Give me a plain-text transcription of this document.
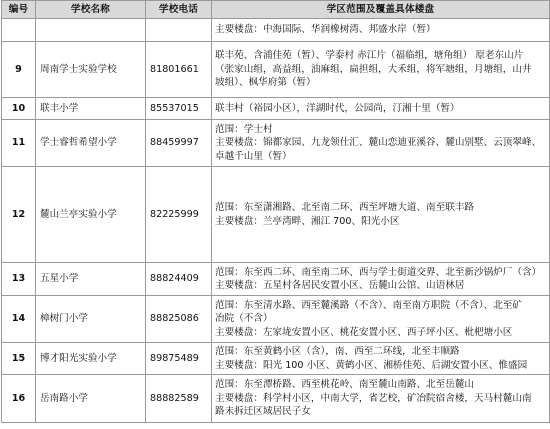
编号	学校名称	学校电话	学区范围及覆盖具体楼盘

			主要楼盘：中海国际、华润橡树湾、邦盛水岸（暂）

9	周南学士实验学校	81801661	联丰苑、含浦佳苑（暂）、学泰村 赤江片（福临组，塘角组） 原老东山片
（张家山组，高益组，油麻组，扁担组，大禾组，将军塘组，月塘组，山井
坡组）、枫华府第（暂）

10	联丰小学	85537015	联丰村（裕园小区），洋湖时代，公园尚，汀湘十里（暂）

11	学士睿哲希望小学	88459997	范围：学士村
主要楼盘：锦都家园、九龙领仕汇、麓山恋迪亚溪谷、麓山别墅、云顶翠峰、
卓越千山里（暂）

12	麓山兰亭实验小学	82225999	范围：东至潇湘路、北至南二环、西至坪塘大道、南至联丰路
主要楼盘：兰亭湾畔、湘江 700、阳光小区

13	五星小学	88824409	范围：东至西二环、南至南二环、西与学士街道交界、北至新沙锅炉厂（含）
主要楼盘：五星村各居民安置小区、岳麓山公馆、山语林居

14	樟树门小学	88825086	范围：东至清水路、西至麓溪路（不含）、南至南方职院（不含）、北至矿
冶院（不含）
主要楼盘：左家垅安置小区、桃花安置小区、西子坪小区、枇杷塘小区

15	博才阳光实验小学	89875489	范围：东至黄鹤小区（含），南、西至二环线，北至丰顺路
主要楼盘：阳光 100 小区、黄鹤小区、湘桥佳苑、后湖安置小区、惟盛园

16	岳南路小学	88882589	范围：东至潭桥路、西至桃花岭、南至麓山南路、北至岳麓山
主要楼盘：科学村小区，中南大学，省艺校，矿冶院宿舍楼，天马村麓山南
路未拆迁区域居民子女
